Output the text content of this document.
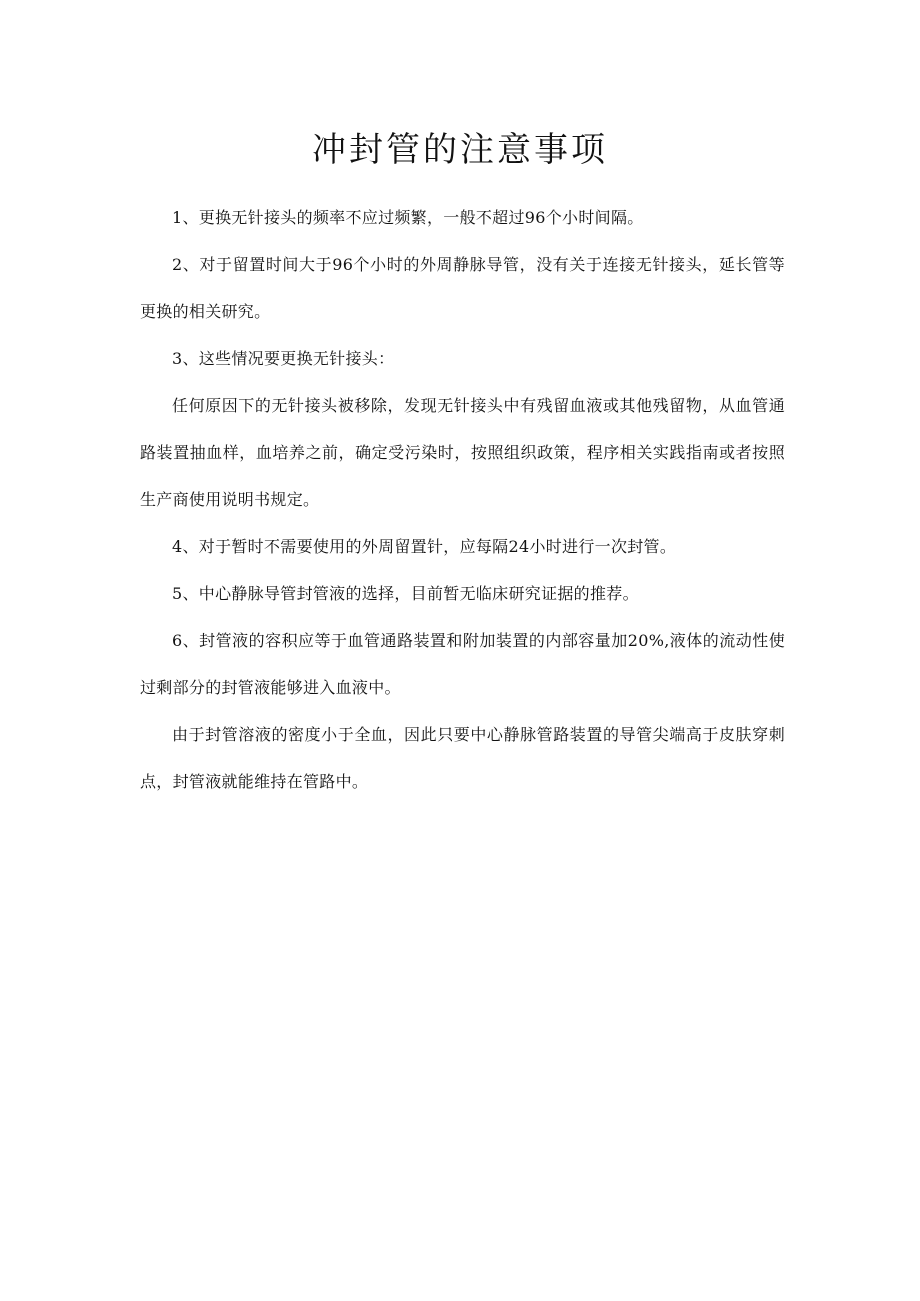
冲封管的注意事项

1、更换无针接头的频率不应过频繁，一般不超过96个小时间隔。

2、对于留置时间大于96个小时的外周静脉导管，没有关于连接无针接头，延长管等更换的相关研究。

3、这些情况要更换无针接头：

任何原因下的无针接头被移除，发现无针接头中有残留血液或其他残留物，从血管通路装置抽血样，血培养之前，确定受污染时，按照组织政策，程序相关实践指南或者按照生产商使用说明书规定。

4、对于暂时不需要使用的外周留置针，应每隔24小时进行一次封管。

5、中心静脉导管封管液的选择，目前暂无临床研究证据的推荐。

6、封管液的容积应等于血管通路装置和附加装置的内部容量加20%,液体的流动性使过剩部分的封管液能够进入血液中。

由于封管溶液的密度小于全血，因此只要中心静脉管路装置的导管尖端高于皮肤穿刺点，封管液就能维持在管路中。
